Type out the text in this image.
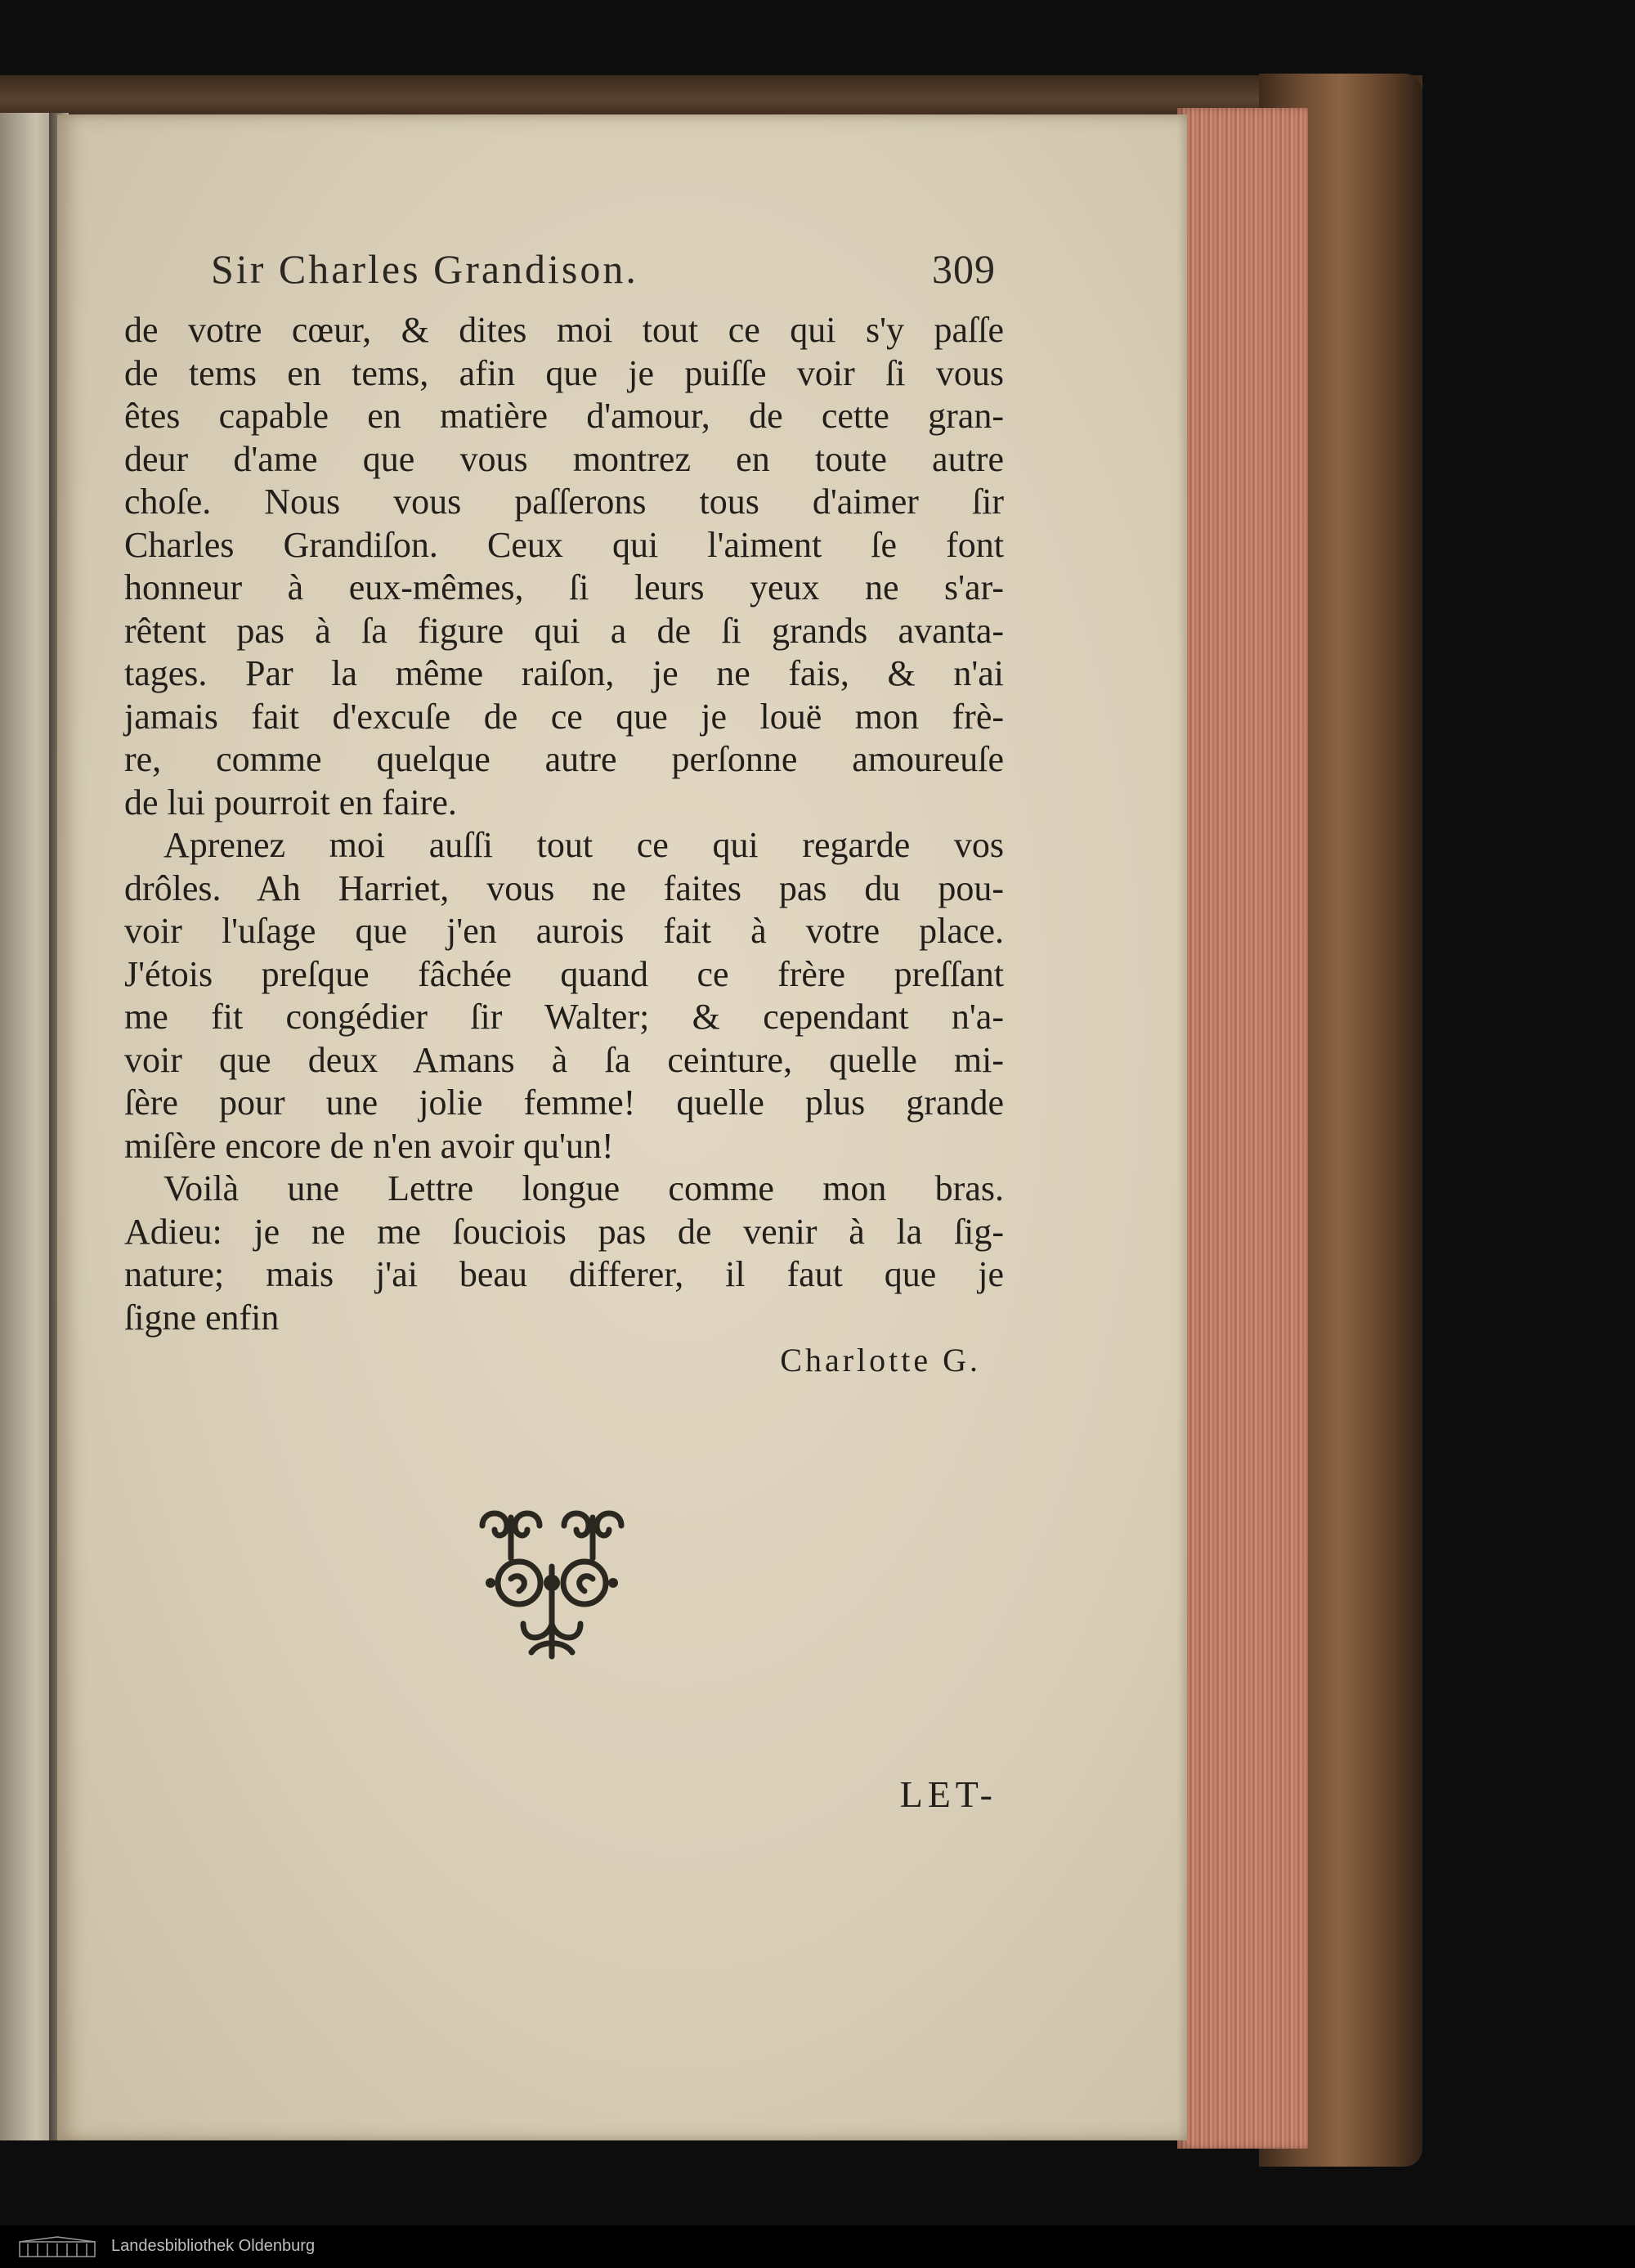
Sir Charles Grandison.	309
de votre cœur, & dites moi tout ce qui s'y paſſe
de tems en tems, afin que je puiſſe voir ſi vous
êtes capable en matière d'amour, de cette gran-
deur d'ame que vous montrez en toute autre
choſe. Nous vous paſſerons tous d'aimer ſir
Charles Grandiſon. Ceux qui l'aiment ſe font
honneur à eux-mêmes, ſi leurs yeux ne s'ar-
rêtent pas à ſa figure qui a de ſi grands avanta-
tages. Par la même raiſon, je ne fais, & n'ai
jamais fait d'excuſe de ce que je louë mon frè-
re, comme quelque autre perſonne amoureuſe
de lui pourroit en faire.
Aprenez moi auſſi tout ce qui regarde vos
drôles. Ah Harriet, vous ne faites pas du pou-
voir l'uſage que j'en aurois fait à votre place.
J'étois preſque fâchée quand ce frère preſſant
me fit congédier ſir Walter; & cependant n'a-
voir que deux Amans à ſa ceinture, quelle mi-
ſère pour une jolie femme! quelle plus grande
miſère encore de n'en avoir qu'un!
Voilà une Lettre longue comme mon bras.
Adieu: je ne me ſouciois pas de venir à la ſig-
nature; mais j'ai beau differer, il faut que je
ſigne enfin
Charlotte G.
LET-
Landesbibliothek Oldenburg
